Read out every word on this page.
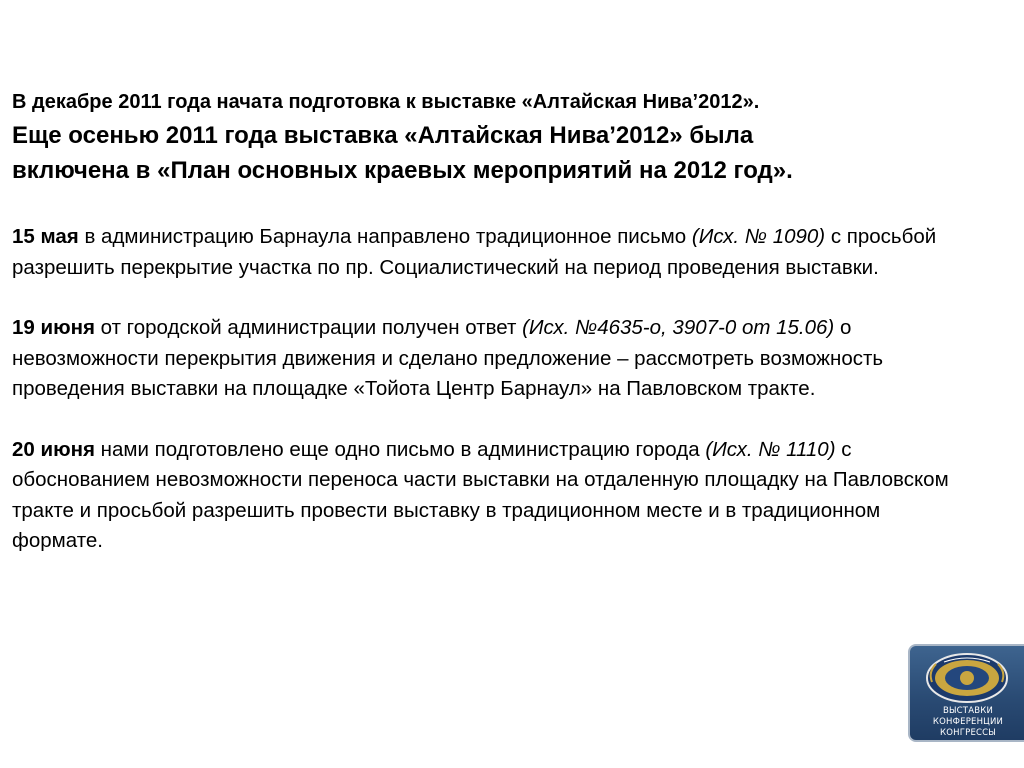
В декабре 2011 года начата подготовка к выставке «Алтайская Нива’2012».

Еще осенью 2011 года выставка «Алтайская Нива’2012» была
включена в «План основных краевых мероприятий на 2012 год».

15 мая в администрацию Барнаула направлено традиционное письмо (Исх. № 1090) с просьбой разрешить перекрытие участка по пр. Социалистический на период проведения выставки.

19 июня от городской администрации получен ответ (Исх. №4635-о, 3907-0 от 15.06) о невозможности перекрытия движения и сделано предложение – рассмотреть возможность проведения выставки на площадке «Тойота Центр Барнаул» на Павловском тракте.

20 июня нами подготовлено еще одно письмо в администрацию города (Исх. № 1110) с обоснованием невозможности переноса части выставки на отдаленную площадку на Павловском тракте и просьбой разрешить провести выставку в традиционном месте и в традиционном формате.

ВЫСТАВКИ
КОНФЕРЕНЦИИ
КОНГРЕССЫ
